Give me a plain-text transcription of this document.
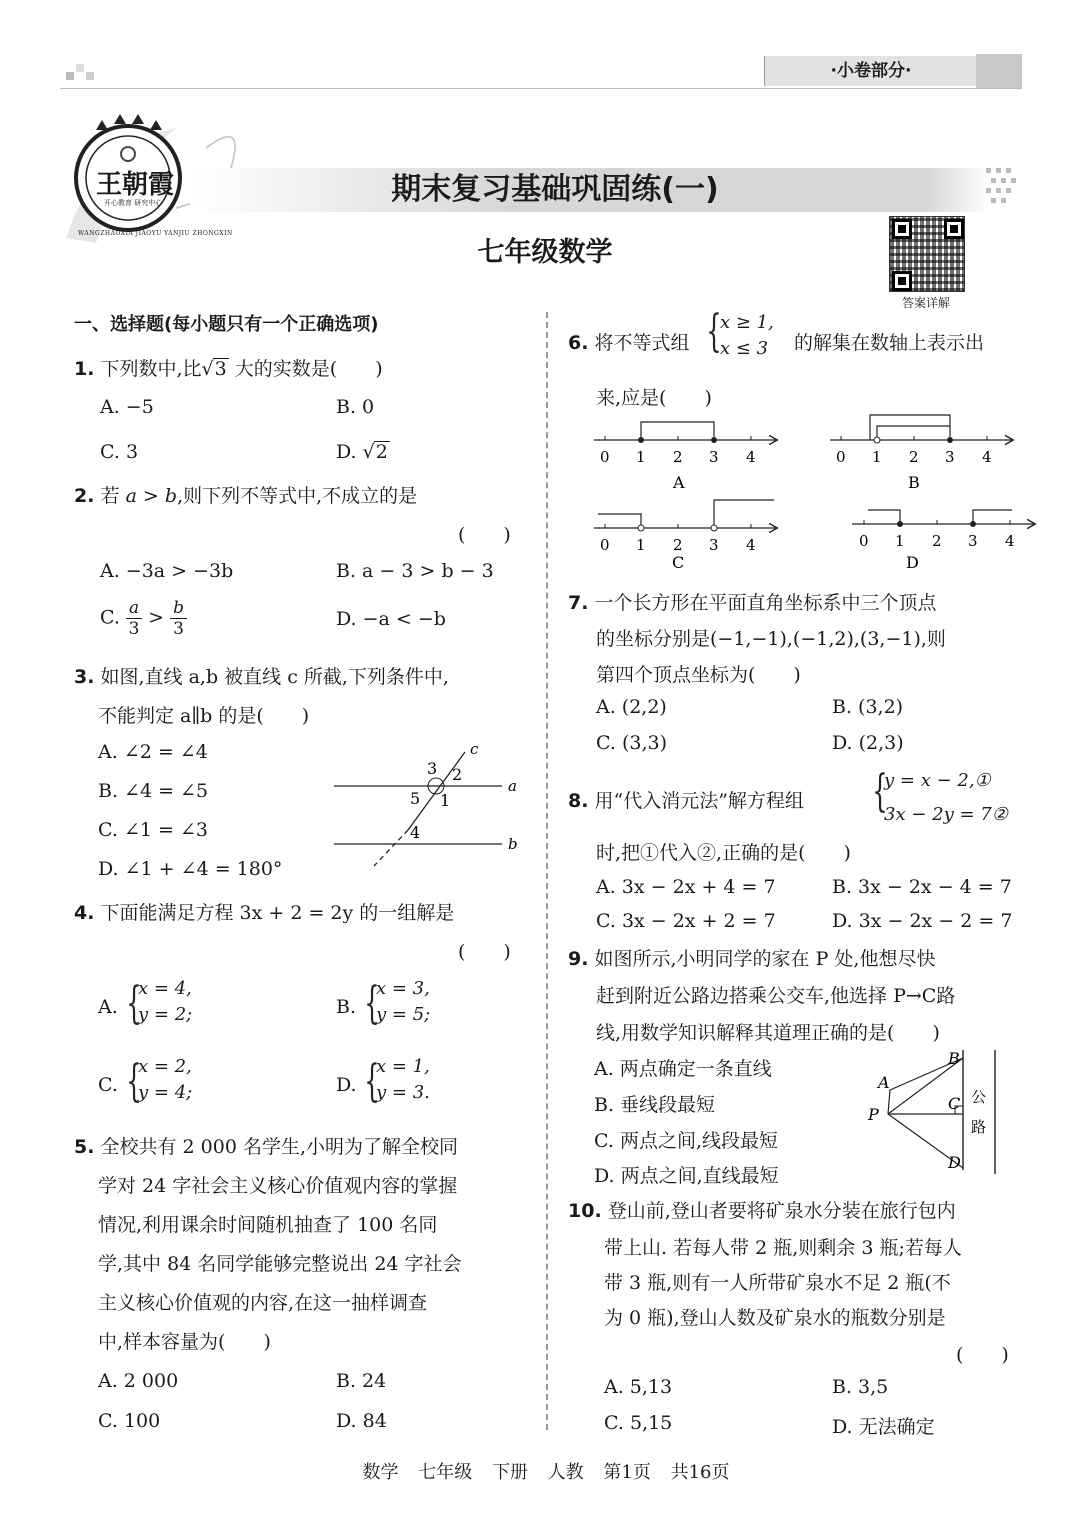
·小卷部分·
王朝霞
开心教育 研究中心
WANGZHAOXIA JIAOYU YANJIU ZHONGXIN
期末复习基础巩固练(一)
七年级数学
答案详解
一、选择题(每小题只有一个正确选项)
1. 下列数中,比√3 大的实数是(　　)
A. −5	B. 0
C. 3	D. √2
2. 若 a > b,则下列不等式中,不成立的是
(　　)
A. −3a > −3b	B. a − 3 > b − 3
C. $\frac{a}{3} > \frac{b}{3}$	D. −a < −b
3. 如图,直线 a,b 被直线 c 所截,下列条件中,
不能判定 a∥b 的是(　　)
A. ∠2 = ∠4
B. ∠4 = ∠5
C. ∠1 = ∠3
D. ∠1 + ∠4 = 180°
c
a
b
3 2
5 1
4
4. 下面能满足方程 3x + 2 = 2y 的一组解是
(　　)
A. {
x = 4,
y = 2;	B. {
x = 3,
y = 5;
C. {
x = 2,
y = 4;	D. {
x = 1,
y = 3.
5. 全校共有 2 000 名学生,小明为了解全校同
学对 24 字社会主义核心价值观内容的掌握
情况,利用课余时间随机抽查了 100 名同
学,其中 84 名同学能够完整说出 24 字社会
主义核心价值观的内容,在这一抽样调查
中,样本容量为(　　)
A. 2 000	B. 24
C. 100	D. 84
6. 将不等式组 {
x ≥ 1,
x ≤ 3	的解集在数轴上表示出
来,应是(　　)
0 1 2 3 4
A
0 1 2 3 4
B
0 1 2 3 4
C
0 1 2 3 4
D
7. 一个长方形在平面直角坐标系中三个顶点
的坐标分别是(−1,−1),(−1,2),(3,−1),则
第四个顶点坐标为(　　)
A. (2,2)	B. (3,2)
C. (3,3)	D. (2,3)
8. 用“代入消元法”解方程组 {
y = x − 2,①
3x − 2y = 7②
时,把①代入②,正确的是(　　)
A. 3x − 2x + 4 = 7	B. 3x − 2x − 4 = 7
C. 3x − 2x + 2 = 7	D. 3x − 2x − 2 = 7
9. 如图所示,小明同学的家在 P 处,他想尽快
赶到附近公路边搭乘公交车,他选择 P→C路
线,用数学知识解释其道理正确的是(　　)
A. 两点确定一条直线
B. 垂线段最短
C. 两点之间,线段最短
D. 两点之间,直线最短
A
B
C
D
P
公
路
10. 登山前,登山者要将矿泉水分装在旅行包内
带上山. 若每人带 2 瓶,则剩余 3 瓶;若每人
带 3 瓶,则有一人所带矿泉水不足 2 瓶(不
为 0 瓶),登山人数及矿泉水的瓶数分别是
(　　)
A. 5,13	B. 3,5
C. 5,15	D. 无法确定
数学 七年级 下册 人教 第1页 共16页
